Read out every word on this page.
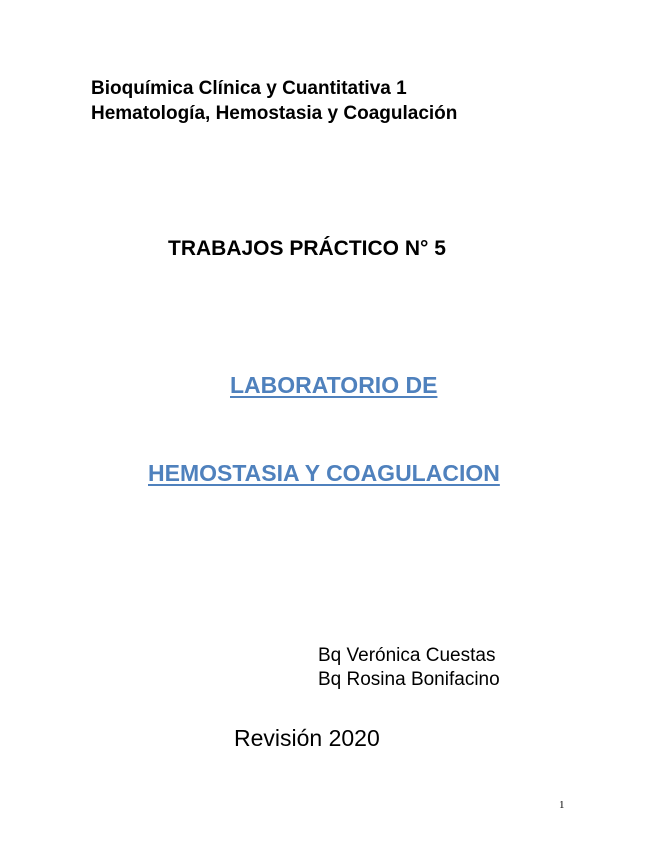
Bioquímica Clínica y Cuantitativa 1

Hematología, Hemostasia y Coagulación

TRABAJOS PRÁCTICO N° 5

LABORATORIO DE

HEMOSTASIA Y COAGULACION

Bq Verónica Cuestas

Bq Rosina Bonifacino

Revisión 2020

1
